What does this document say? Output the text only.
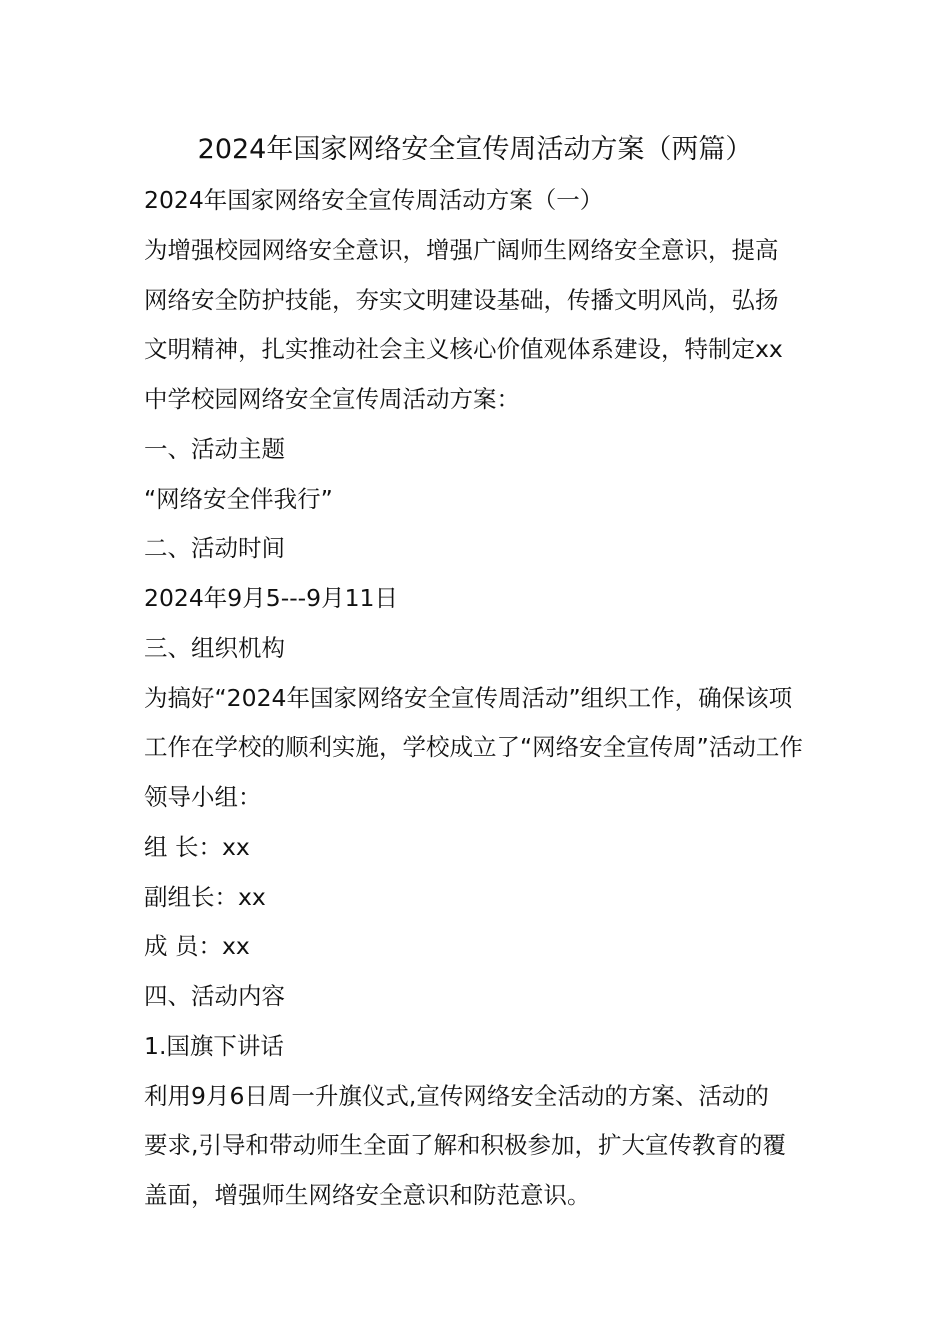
2024年国家网络安全宣传周活动方案（两篇）
2024年国家网络安全宣传周活动方案（一）
为增强校园网络安全意识，增强广阔师生网络安全意识，提高
网络安全防护技能，夯实文明建设基础，传播文明风尚，弘扬
文明精神，扎实推动社会主义核心价值观体系建设，特制定xx
中学校园网络安全宣传周活动方案：
一、活动主题
“网络安全伴我行”
二、活动时间
2024年9月5---9月11日
三、组织机构
为搞好“2024年国家网络安全宣传周活动”组织工作，确保该项
工作在学校的顺利实施，学校成立了“网络安全宣传周”活动工作
领导小组：
组 长：xx
副组长：xx
成 员：xx
四、活动内容
1.国旗下讲话
利用9月6日周一升旗仪式,宣传网络安全活动的方案、活动的
要求,引导和带动师生全面了解和积极参加，扩大宣传教育的覆
盖面，增强师生网络安全意识和防范意识。
